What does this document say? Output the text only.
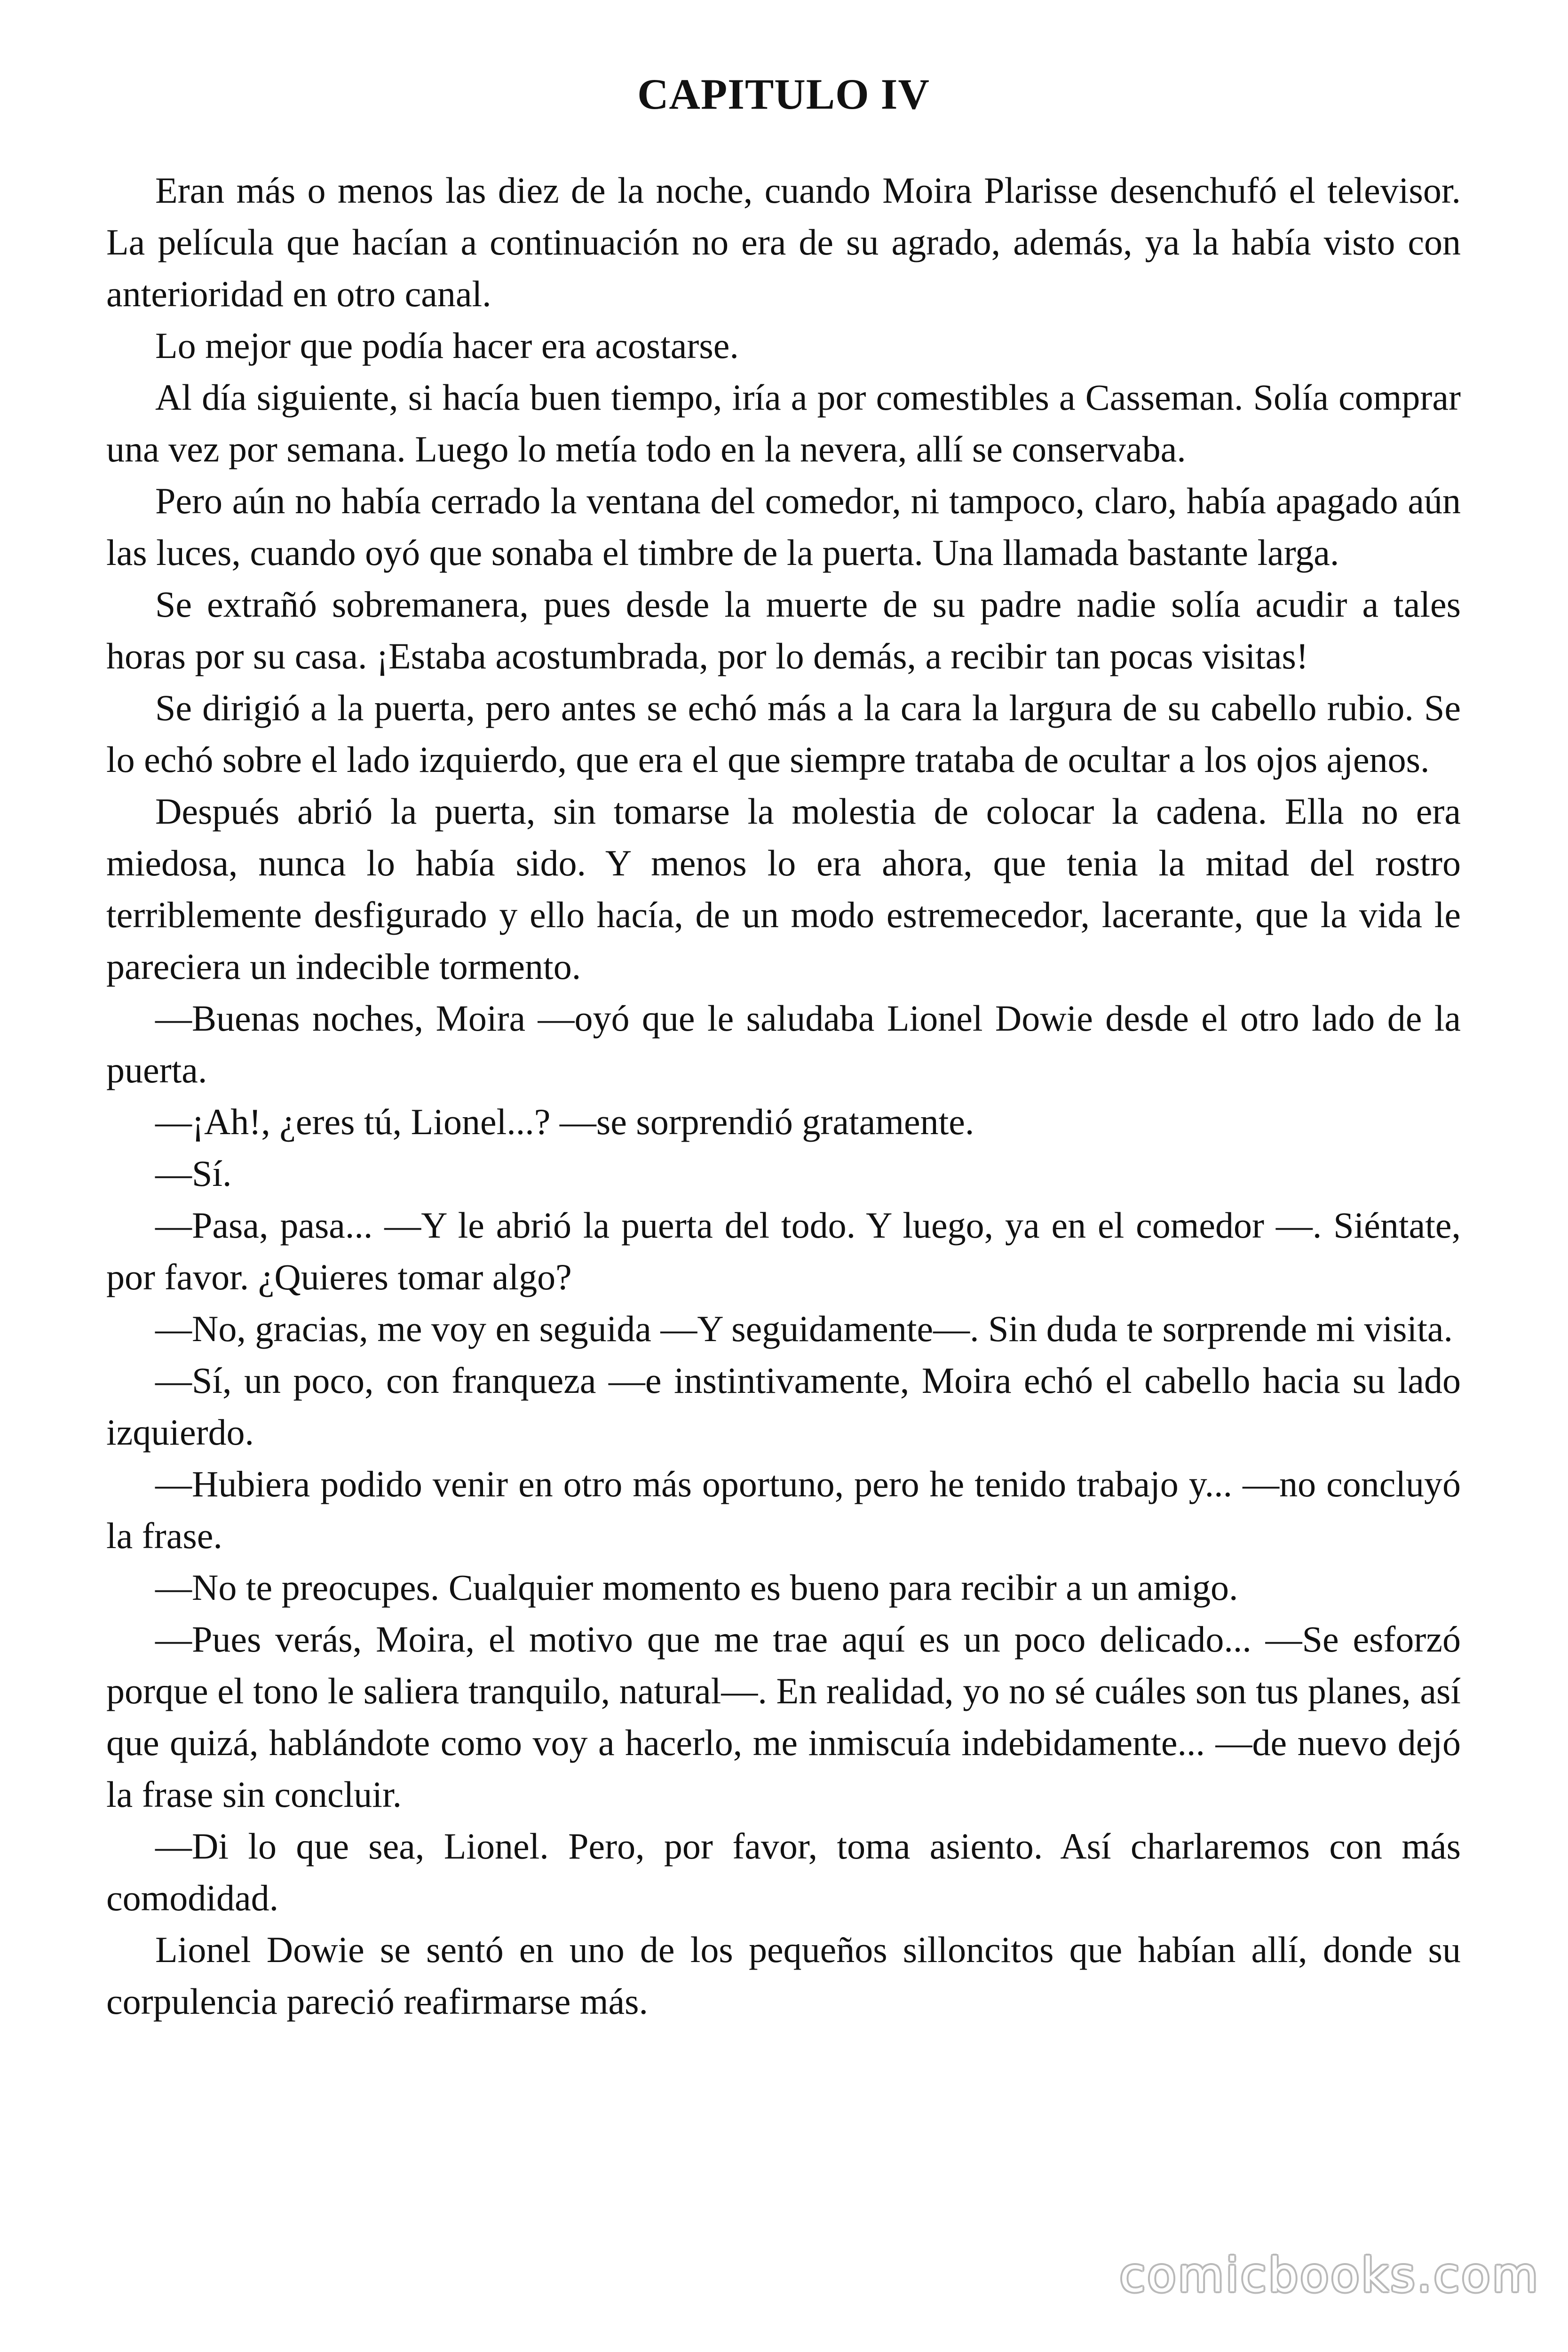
CAPITULO IV

Eran más o menos las diez de la noche, cuando Moira Plarisse desenchufó el televisor. La película que hacían a continuación no era de su agrado, además, ya la había visto con anterioridad en otro canal.

Lo mejor que podía hacer era acostarse.

Al día siguiente, si hacía buen tiempo, iría a por comestibles a Casseman. Solía comprar una vez por semana. Luego lo metía todo en la nevera, allí se conservaba.

Pero aún no había cerrado la ventana del comedor, ni tampoco, claro, había apagado aún las luces, cuando oyó que sonaba el timbre de la puerta. Una llamada bastante larga.

Se extrañó sobremanera, pues desde la muerte de su padre nadie solía acudir a tales horas por su casa. ¡Estaba acostumbrada, por lo demás, a recibir tan pocas visitas!

Se dirigió a la puerta, pero antes se echó más a la cara la largura de su cabello rubio. Se lo echó sobre el lado izquierdo, que era el que siempre trataba de ocultar a los ojos ajenos.

Después abrió la puerta, sin tomarse la molestia de colocar la cadena. Ella no era miedosa, nunca lo había sido. Y menos lo era ahora, que tenia la mitad del rostro terriblemente desfigurado y ello hacía, de un modo estremecedor, lacerante, que la vida le pareciera un indecible tormento.

—Buenas noches, Moira —oyó que le saludaba Lionel Dowie desde el otro lado de la puerta.

—¡Ah!, ¿eres tú, Lionel...? —se sorprendió gratamente.

—Sí.

—Pasa, pasa... —Y le abrió la puerta del todo. Y luego, ya en el comedor —. Siéntate, por favor. ¿Quieres tomar algo?

—No, gracias, me voy en seguida —Y seguidamente—. Sin duda te sorprende mi visita.

—Sí, un poco, con franqueza —e instintivamente, Moira echó el cabello hacia su lado izquierdo.

—Hubiera podido venir en otro más oportuno, pero he tenido trabajo y... —no concluyó la frase.

—No te preocupes. Cualquier momento es bueno para recibir a un amigo.

—Pues verás, Moira, el motivo que me trae aquí es un poco delicado... —Se esforzó porque el tono le saliera tranquilo, natural—. En realidad, yo no sé cuáles son tus planes, así que quizá, hablándote como voy a hacerlo, me inmiscuía indebidamente... —de nuevo dejó la frase sin concluir.

—Di lo que sea, Lionel. Pero, por favor, toma asiento. Así charlaremos con más comodidad.

Lionel Dowie se sentó en uno de los pequeños silloncitos que habían allí, donde su corpulencia pareció reafirmarse más.

comicbooks.com
